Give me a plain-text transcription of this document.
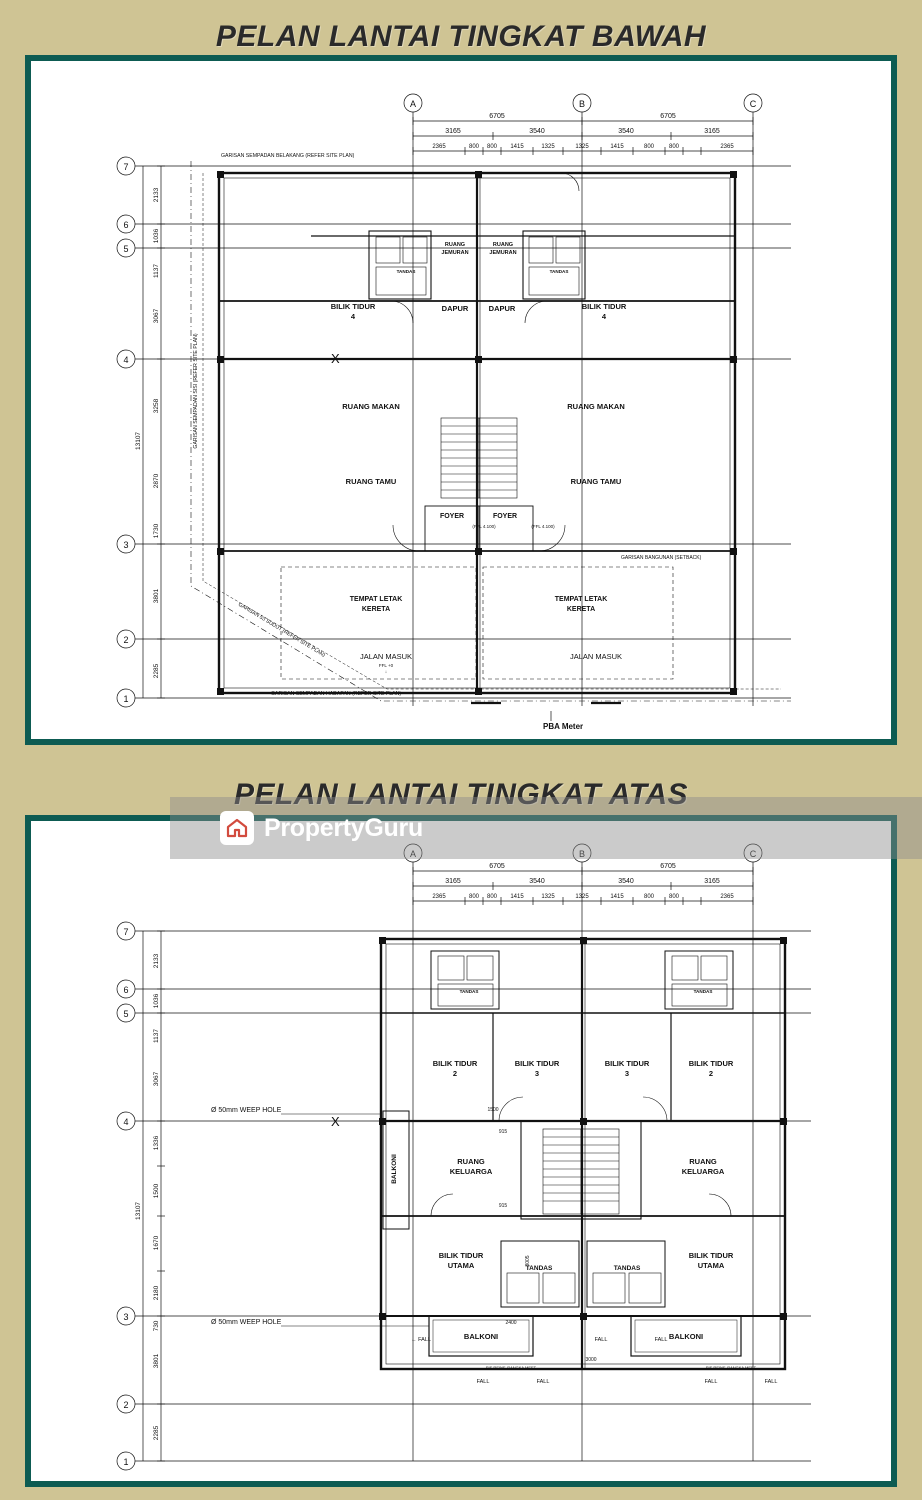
PELAN LANTAI TINGKAT BAWAH
A	B	C
6705	6705
3165	3540	3540	3165
2365	800 800 1415	1325	1325	1415	800 800	2365
7
6
5
4
3
2
1
2133
1036
1137
3067
3258
2870
1730
3801
2285
13107
GARISAN SEMPADAN BELAKANG (REFER SITE PLAN)
GARISAN SEMPADAN SISI (REFER SITE PLAN)
GARISAN 53 SUDUT (REFER SITE PLAN)
GARISAN SEMPADAN HADAPAN (REFER SITE PLAN)
GARISAN BANGUNAN (SETBACK)
X
BILIK TIDUR
4
DAPUR	DAPUR	BILIK TIDUR
4
RUANG
JEMURAN
RUANG
JEMURAN
TANDAS	TANDAS
RUANG MAKAN	RUANG MAKAN
RUANG TAMU	RUANG TAMU
FOYER	FOYER
TEMPAT LETAK
KERETA
TEMPAT LETAK
KERETA
JALAN MASUK	JALAN MASUK
FFL +0
↓
(FFL 4.100)	(FFL 4.100)
PBA Meter
PELAN LANTAI TINGKAT ATAS
A	B	C
6705	6705
3165	3540	3540	3165
2365	800 800 1415	1325	1325	1415	800 800	2365
7
6
5
4
3
2
1
2133
1036
1137
3067
1336
1500
1670
2180
730
3801
2285
13107
X
Ø 50mm WEEP HOLE
Ø 50mm WEEP HOLE
BILIK TIDUR
2
BILIK TIDUR
3
BILIK TIDUR
3
BILIK TIDUR
2
TANDAS	TANDAS
RUANG
KELUARGA
RUANG
KELUARGA
BILIK TIDUR
UTAMA
BILIK TIDUR
UTAMA
TANDAS	TANDAS
BALKONI
BALKONI	BALKONI
← FALL	FALL	FALL
FALL	FALL	FALL	FALL
R/F REINF. RANGKA MEET	R/F REINF. RANGKA MEET
1500
915
915
2400
3000
3005
PropertyGuru
